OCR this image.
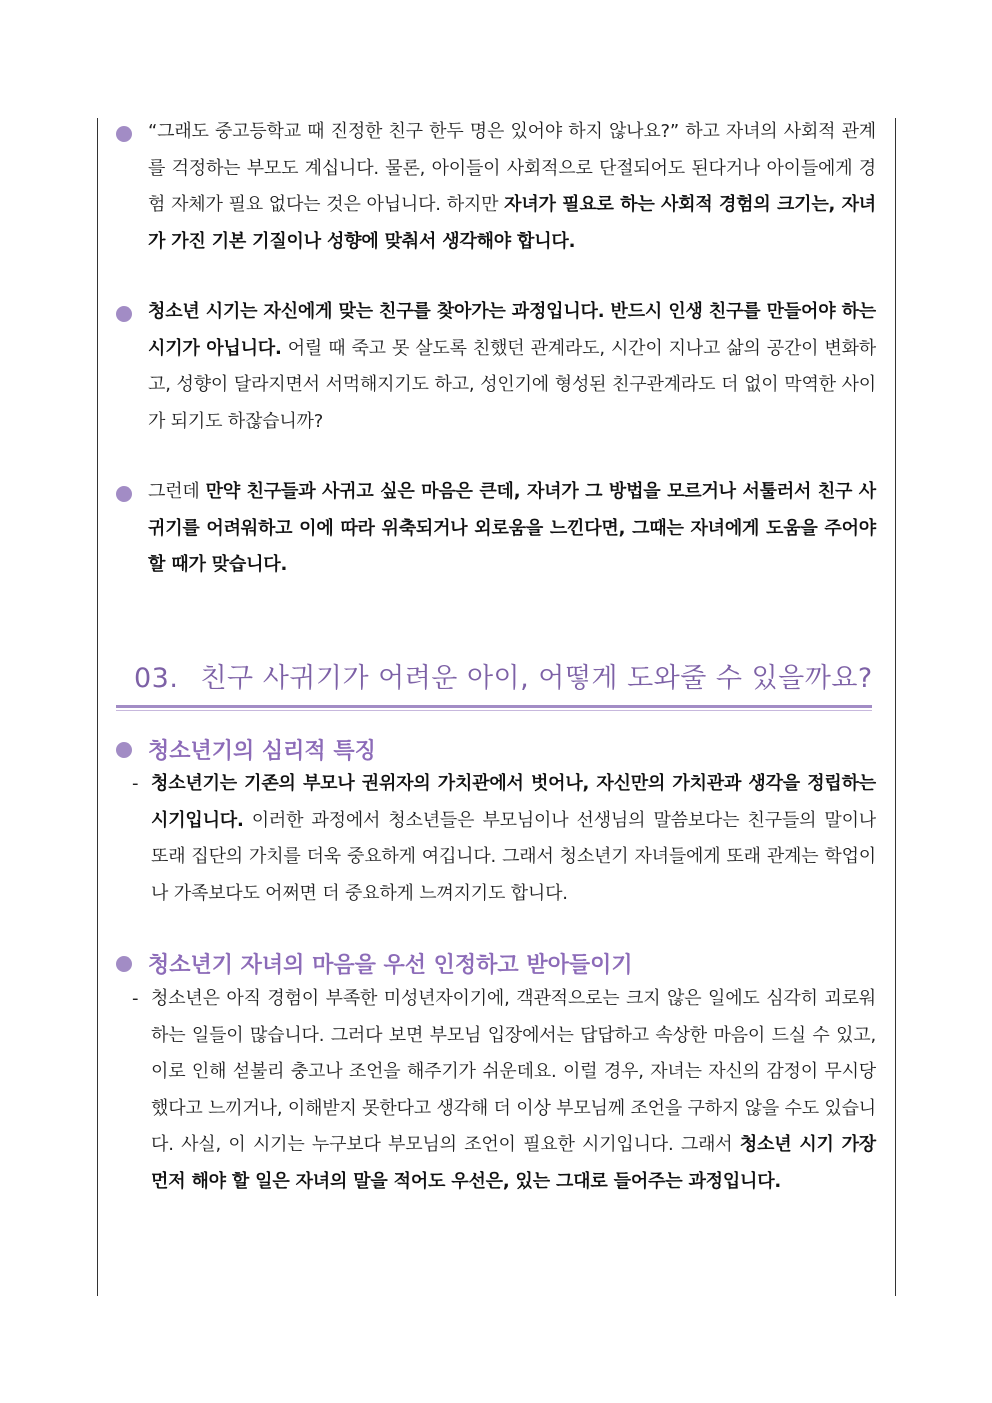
“그래도 중고등학교 때 진정한 친구 한두 명은 있어야 하지 않나요?” 하고 자녀의 사회적 관계를 걱정하는 부모도 계십니다. 물론, 아이들이 사회적으로 단절되어도 된다거나 아이들에게 경험 자체가 필요 없다는 것은 아닙니다. 하지만 자녀가 필요로 하는 사회적 경험의 크기는, 자녀가 가진 기본 기질이나 성향에 맞춰서 생각해야 합니다.
청소년 시기는 자신에게 맞는 친구를 찾아가는 과정입니다. 반드시 인생 친구를 만들어야 하는 시기가 아닙니다. 어릴 때 죽고 못 살도록 친했던 관계라도, 시간이 지나고 삶의 공간이 변화하고, 성향이 달라지면서 서먹해지기도 하고, 성인기에 형성된 친구관계라도 더 없이 막역한 사이가 되기도 하잖습니까?
그런데 만약 친구들과 사귀고 싶은 마음은 큰데, 자녀가 그 방법을 모르거나 서툴러서 친구 사귀기를 어려워하고 이에 따라 위축되거나 외로움을 느낀다면, 그때는 자녀에게 도움을 주어야 할 때가 맞습니다.
03. 친구 사귀기가 어려운 아이, 어떻게 도와줄 수 있을까요?
청소년기의 심리적 특징
- 청소년기는 기존의 부모나 권위자의 가치관에서 벗어나, 자신만의 가치관과 생각을 정립하는 시기입니다. 이러한 과정에서 청소년들은 부모님이나 선생님의 말씀보다는 친구들의 말이나 또래 집단의 가치를 더욱 중요하게 여깁니다. 그래서 청소년기 자녀들에게 또래 관계는 학업이나 가족보다도 어쩌면 더 중요하게 느껴지기도 합니다.
청소년기 자녀의 마음을 우선 인정하고 받아들이기
- 청소년은 아직 경험이 부족한 미성년자이기에, 객관적으로는 크지 않은 일에도 심각히 괴로워하는 일들이 많습니다. 그러다 보면 부모님 입장에서는 답답하고 속상한 마음이 드실 수 있고, 이로 인해 섣불리 충고나 조언을 해주기가 쉬운데요. 이럴 경우, 자녀는 자신의 감정이 무시당했다고 느끼거나, 이해받지 못한다고 생각해 더 이상 부모님께 조언을 구하지 않을 수도 있습니다. 사실, 이 시기는 누구보다 부모님의 조언이 필요한 시기입니다. 그래서 청소년 시기 가장 먼저 해야 할 일은 자녀의 말을 적어도 우선은, 있는 그대로 들어주는 과정입니다.
